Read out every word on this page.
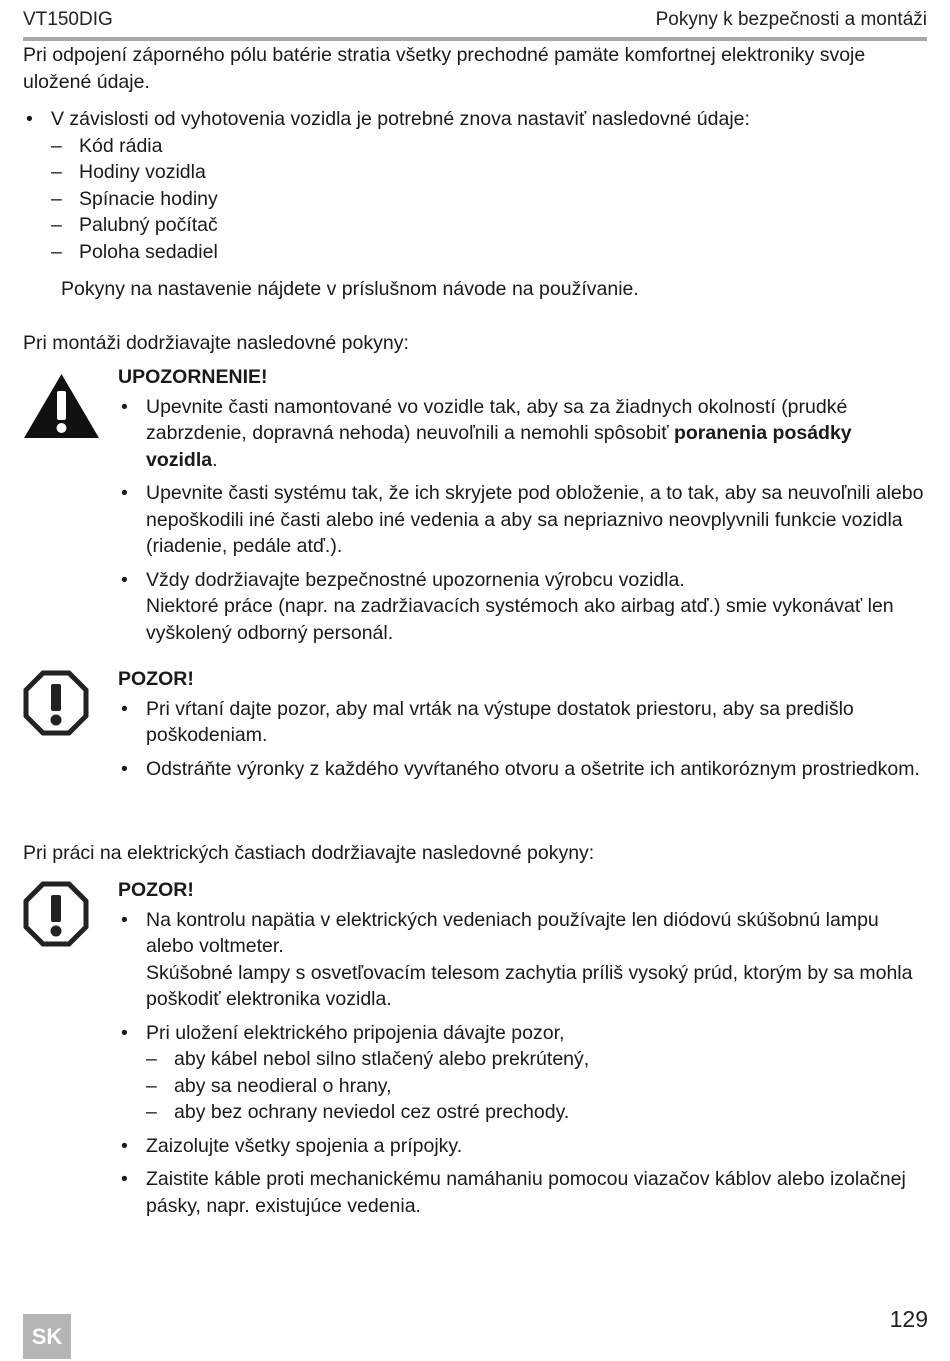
VT150DIG	Pokyny k bezpečnosti a montáži

Pri odpojení záporného pólu batérie stratia všetky prechodné pamäte komfortnej elektroniky svoje uložené údaje.

• V závislosti od vyhotovenia vozidla je potrebné znova nastaviť nasledovné údaje:
– Kód rádia
– Hodiny vozidla
– Spínacie hodiny
– Palubný počítač
– Poloha sedadiel

Pokyny na nastavenie nájdete v príslušnom návode na používanie.

Pri montáži dodržiavajte nasledovné pokyny:

UPOZORNENIE!
• Upevnite časti namontované vo vozidle tak, aby sa za žiadnych okolností (prudké zabrzdenie, dopravná nehoda) neuvoľnili a nemohli spôsobiť poranenia posádky vozidla.
• Upevnite časti systému tak, že ich skryjete pod obloženie, a to tak, aby sa neuvoľnili alebo nepoškodili iné časti alebo iné vedenia a aby sa nepriaznivo neovplyvnili funkcie vozidla (riadenie, pedále atď.).
• Vždy dodržiavajte bezpečnostné upozornenia výrobcu vozidla.
Niektoré práce (napr. na zadržiavacích systémoch ako airbag atď.) smie vykonávať len vyškolený odborný personál.
POZOR!
• Pri vŕtaní dajte pozor, aby mal vrták na výstupe dostatok priestoru, aby sa predišlo poškodeniam.
• Odstráňte výronky z každého vyvŕtaného otvoru a ošetrite ich antikoróznym prostriedkom.

Pri práci na elektrických častiach dodržiavajte nasledovné pokyny:

POZOR!
• Na kontrolu napätia v elektrických vedeniach používajte len diódovú skúšobnú lampu alebo voltmeter.
Skúšobné lampy s osvetľovacím telesom zachytia príliš vysoký prúd, ktorým by sa mohla poškodiť elektronika vozidla.
• Pri uložení elektrického pripojenia dávajte pozor,
– aby kábel nebol silno stlačený alebo prekrútený,
– aby sa neodieral o hrany,
– aby bez ochrany neviedol cez ostré prechody.
• Zaizolujte všetky spojenia a prípojky.
• Zaistite káble proti mechanickému namáhaniu pomocou viazačov káblov alebo izolačnej pásky, napr. existujúce vedenia.
SK
129
